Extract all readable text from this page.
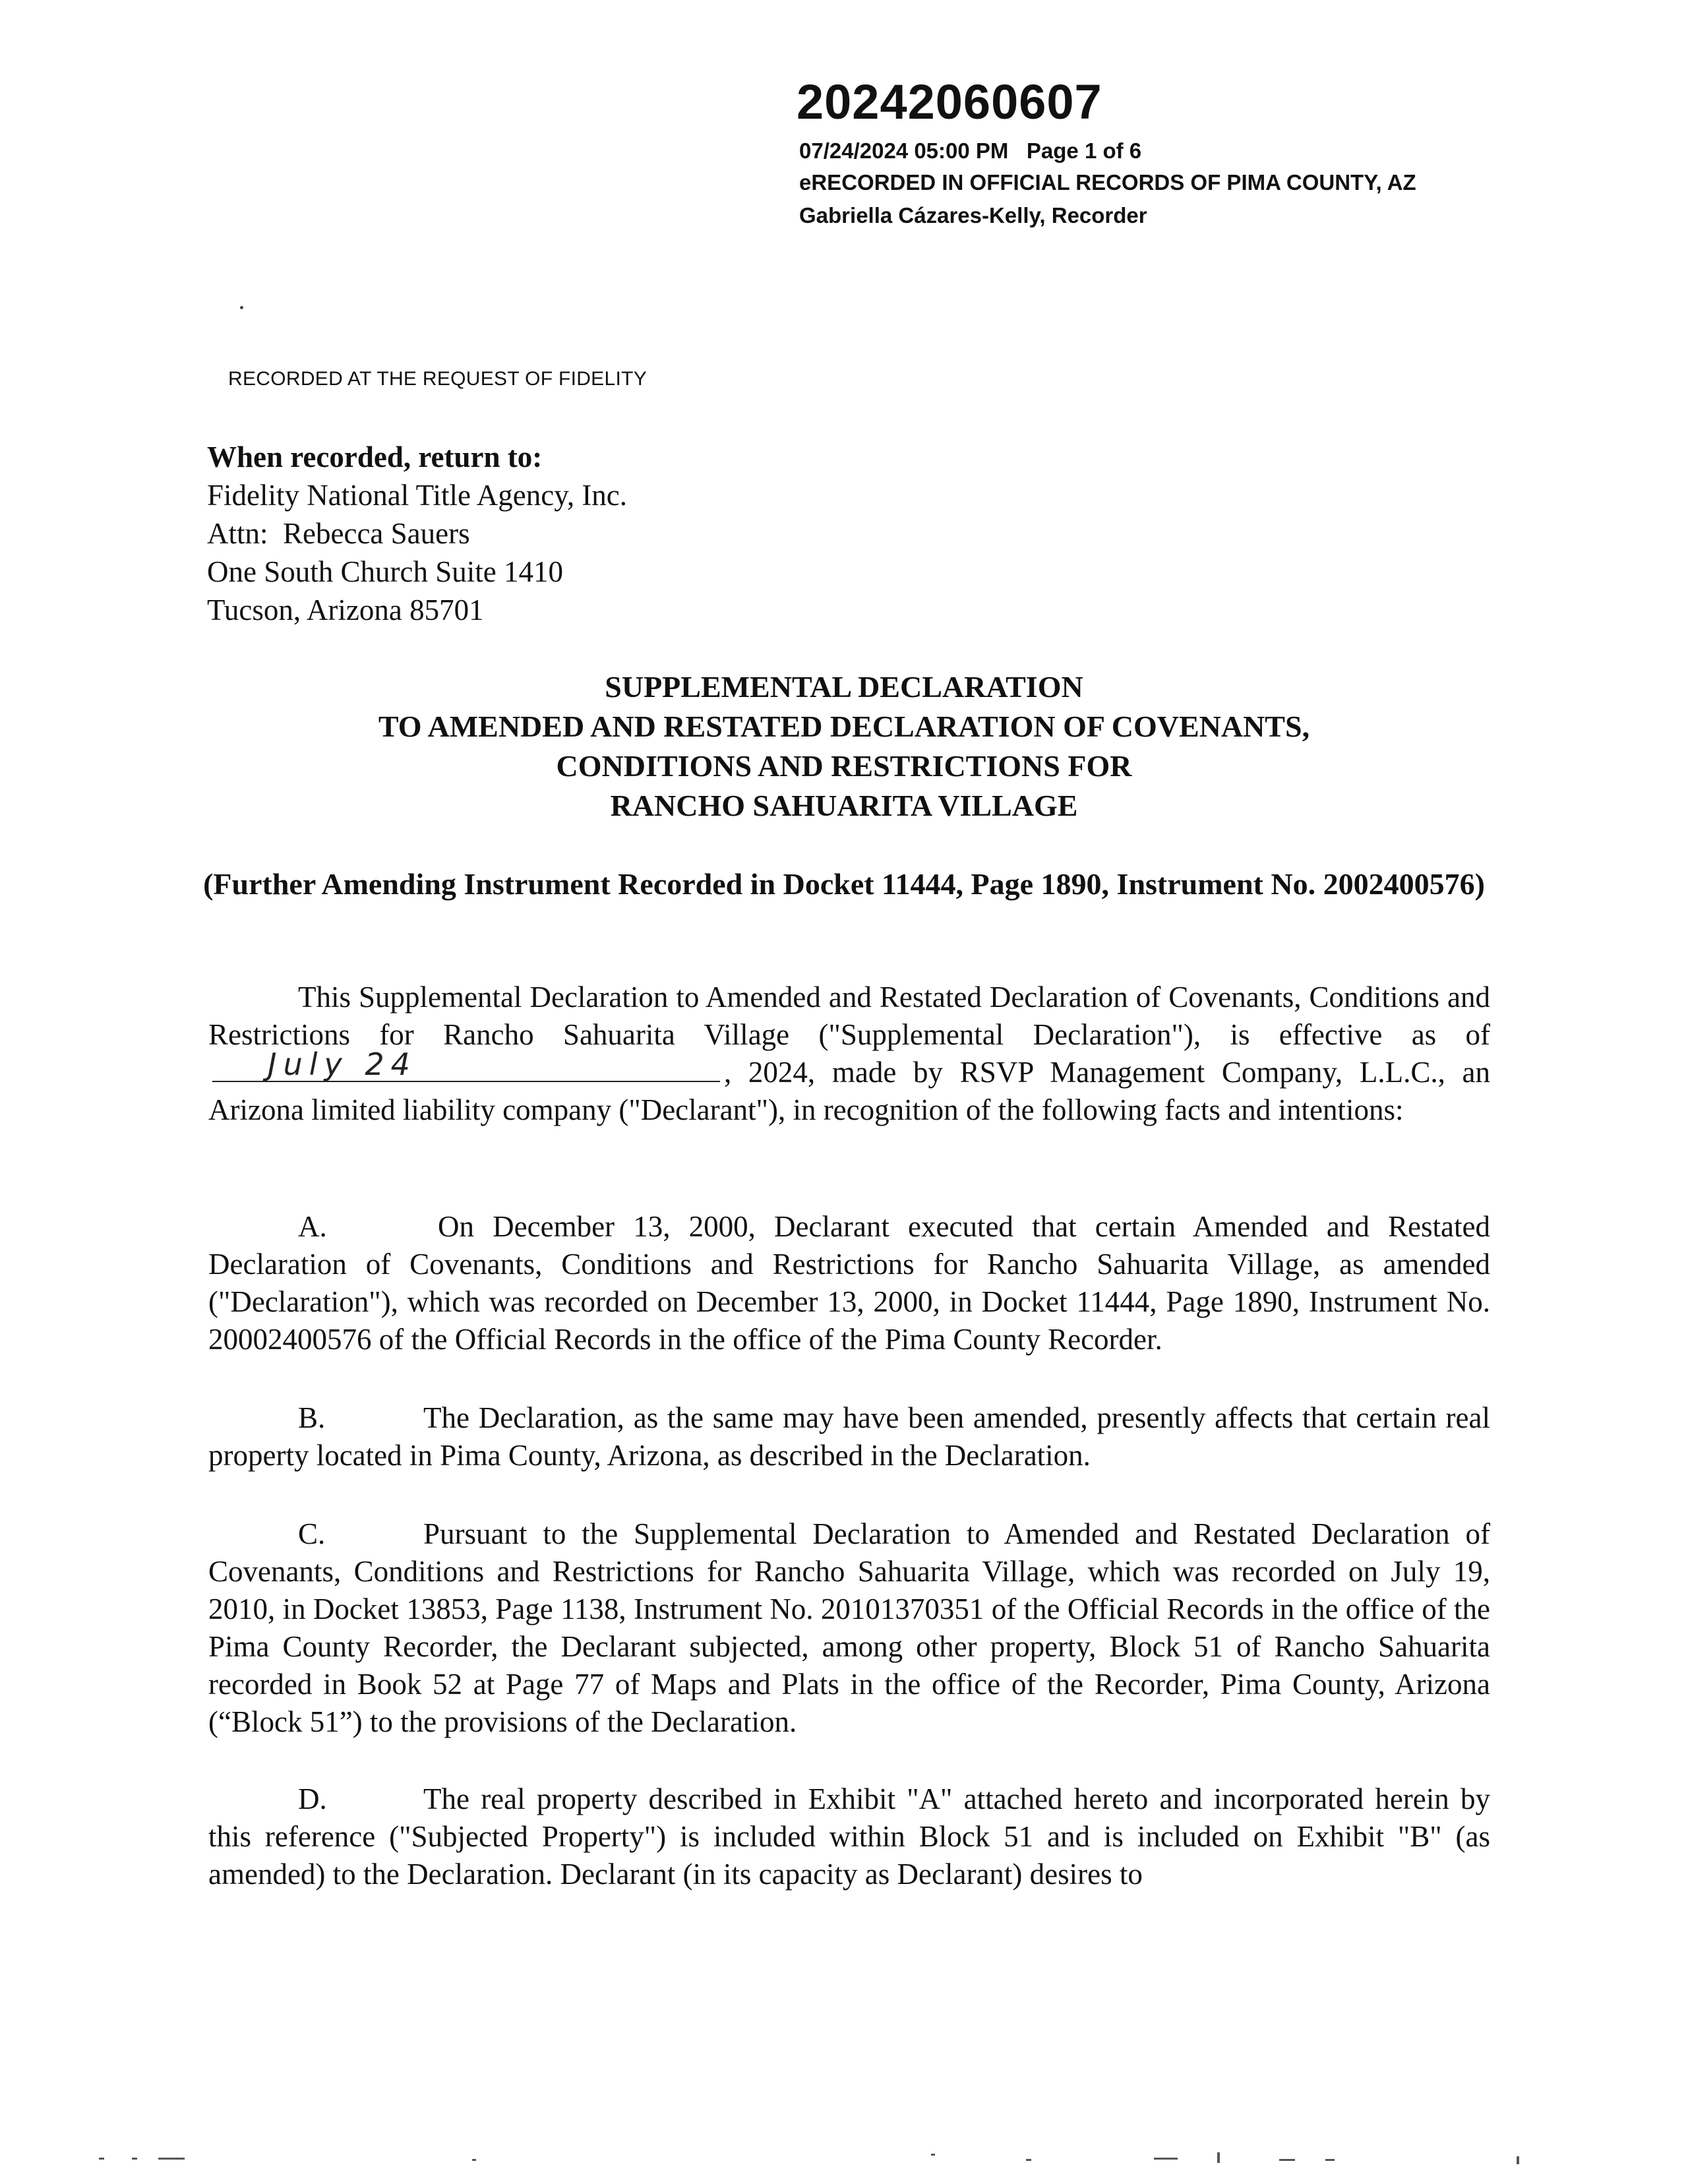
20242060607
07/24/2024 05:00 PM   Page 1 of 6
eRECORDED IN OFFICIAL RECORDS OF PIMA COUNTY, AZ
Gabriella Cázares-Kelly, Recorder
RECORDED AT THE REQUEST OF FIDELITY
When recorded, return to:
Fidelity National Title Agency, Inc.
Attn:  Rebecca Sauers
One South Church Suite 1410
Tucson, Arizona 85701
SUPPLEMENTAL DECLARATION
TO AMENDED AND RESTATED DECLARATION OF COVENANTS,
CONDITIONS AND RESTRICTIONS FOR
RANCHO SAHUARITA VILLAGE
(Further Amending Instrument Recorded in Docket 11444, Page 1890, Instrument No. 2002400576)
This Supplemental Declaration to Amended and Restated Declaration of Covenants, Conditions and Restrictions for Rancho Sahuarita Village ("Supplemental Declaration"), is effective as of
July 24	, 2024, made by RSVP Management Company, L.L.C., an Arizona limited liability company ("Declarant"), in recognition of the following facts and intentions:
A.	On December 13, 2000, Declarant executed that certain Amended and Restated Declaration of Covenants, Conditions and Restrictions for Rancho Sahuarita Village, as amended ("Declaration"), which was recorded on December 13, 2000, in Docket 11444, Page 1890, Instrument No. 20002400576 of the Official Records in the office of the Pima County Recorder.
B.	The Declaration, as the same may have been amended, presently affects that certain real property located in Pima County, Arizona, as described in the Declaration.
C.	Pursuant to the Supplemental Declaration to Amended and Restated Declaration of Covenants, Conditions and Restrictions for Rancho Sahuarita Village, which was recorded on July 19, 2010, in Docket 13853, Page 1138, Instrument No. 20101370351 of the Official Records in the office of the Pima County Recorder, the Declarant subjected, among other property, Block 51 of Rancho Sahuarita recorded in Book 52 at Page 77 of Maps and Plats in the office of the Recorder, Pima County, Arizona (“Block 51”) to the provisions of the Declaration.
D.	The real property described in Exhibit "A" attached hereto and incorporated herein by this reference ("Subjected Property") is included within Block 51 and is included on Exhibit "B" (as amended) to the Declaration. Declarant (in its capacity as Declarant) desires to
